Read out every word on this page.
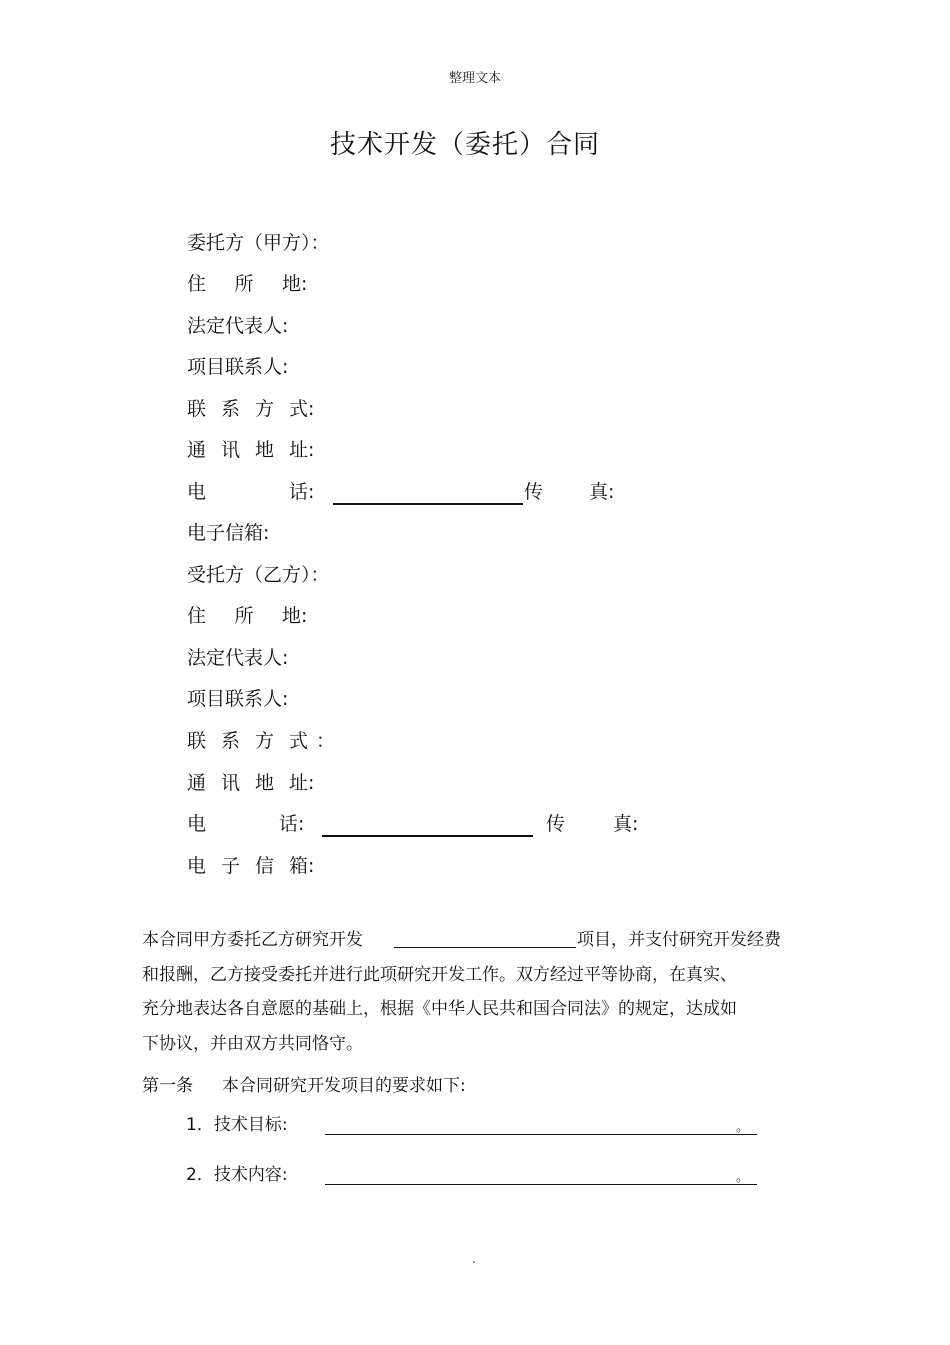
整理文本
技术开发（委托）合同
委托方（甲方）：
住 所 地 :
法定代表人:
项目联系人:
联 系 方 式 :
通 讯 地 址 :
电	话 :	传 真 :
电子信箱:
受托方（乙方）：
住 所 地 :
法定代表人:
项目联系人:
联 系 方 式 ：
通 讯 地 址 :
电	话 :	传	真 :
电 子 信 箱 :
本合同甲方委托乙方研究开发	项目，并支付研究开发经费
和报酬，乙方接受委托并进行此项研究开发工作。双方经过平等协商，在真实、
充分地表达各自意愿的基础上，根据《中华人民共和国合同法》的规定，达成如
下协议，并由双方共同恪守。
第一条 本合同研究开发项目的要求如下:
1．技术目标:	。
2．技术内容:	。
.
